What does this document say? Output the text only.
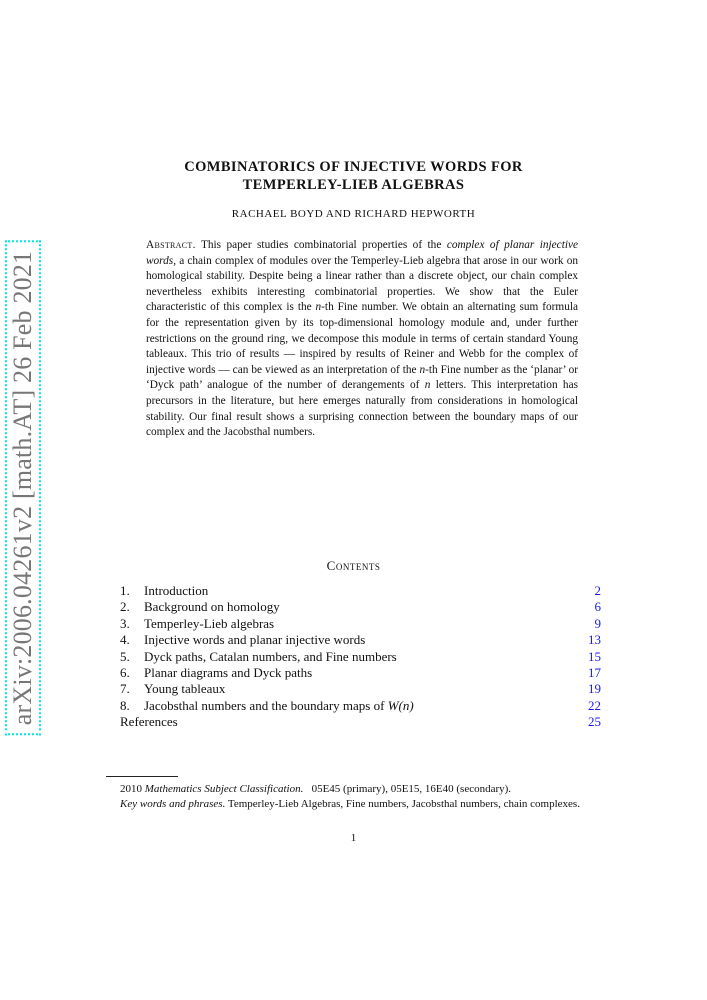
arXiv:2006.04261v2 [math.AT] 26 Feb 2021
COMBINATORICS OF INJECTIVE WORDS FOR
TEMPERLEY-LIEB ALGEBRAS
RACHAEL BOYD AND RICHARD HEPWORTH
Abstract. This paper studies combinatorial properties of the complex of planar injective words, a chain complex of modules over the Temperley-Lieb algebra that arose in our work on homological stability. Despite being a linear rather than a discrete object, our chain complex nevertheless exhibits interesting combinatorial properties. We show that the Euler characteristic of this complex is the n-th Fine number. We obtain an alternating sum formula for the representation given by its top-dimensional homology module and, under further restrictions on the ground ring, we decompose this module in terms of certain standard Young tableaux. This trio of results — inspired by results of Reiner and Webb for the complex of injective words — can be viewed as an interpretation of the n-th Fine number as the ‘planar’ or ‘Dyck path’ analogue of the number of derangements of n letters. This interpretation has precursors in the literature, but here emerges naturally from considerations in homological stability. Our final result shows a surprising connection between the boundary maps of our complex and the Jacobsthal numbers.
Contents
1.	Introduction	2
2.	Background on homology	6
3.	Temperley-Lieb algebras	9
4.	Injective words and planar injective words	13
5.	Dyck paths, Catalan numbers, and Fine numbers	15
6.	Planar diagrams and Dyck paths	17
7.	Young tableaux	19
8.	Jacobsthal numbers and the boundary maps of W(n)	22
References	25
2010 Mathematics Subject Classification. 05E45 (primary), 05E15, 16E40 (secondary).
Key words and phrases. Temperley-Lieb Algebras, Fine numbers, Jacobsthal numbers, chain complexes.
1
